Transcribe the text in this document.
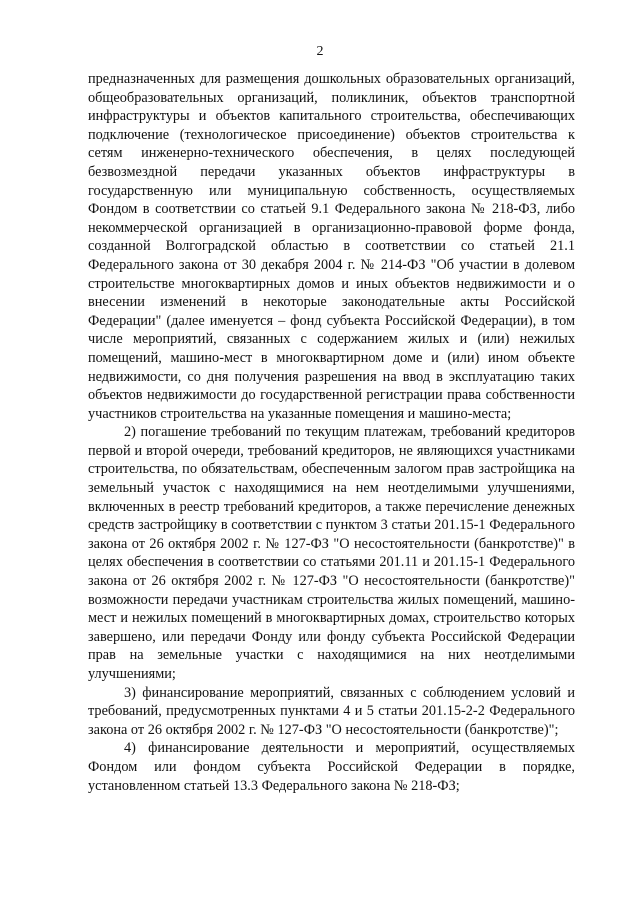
2

предназначенных для размещения дошкольных образовательных организаций, общеобразовательных организаций, поликлиник, объектов транспортной инфраструктуры и объектов капитального строительства, обеспечивающих подключение (технологическое присоединение) объектов строительства к сетям инженерно-технического обеспечения, в целях последующей безвозмездной передачи указанных объектов инфраструктуры в государственную или муниципальную собственность, осуществляемых Фондом в соответствии со статьей 9.1 Федерального закона № 218-ФЗ, либо некоммерческой организацией в организационно-правовой форме фонда, созданной Волгоградской областью в соответствии со статьей 21.1 Федерального закона от 30 декабря 2004 г. № 214-ФЗ "Об участии в долевом строительстве многоквартирных домов и иных объектов недвижимости и о внесении изменений в некоторые законодательные акты Российской Федерации" (далее именуется – фонд субъекта Российской Федерации), в том числе мероприятий, связанных с содержанием жилых и (или) нежилых помещений, машино-мест в многоквартирном доме и (или) ином объекте недвижимости, со дня получения разрешения на ввод в эксплуатацию таких объектов недвижимости до государственной регистрации права собственности участников строительства на указанные помещения и машино-места;

2) погашение требований по текущим платежам, требований кредиторов первой и второй очереди, требований кредиторов, не являющихся участниками строительства, по обязательствам, обеспеченным залогом прав застройщика на земельный участок с находящимися на нем неотделимыми улучшениями, включенных в реестр требований кредиторов, а также перечисление денежных средств застройщику в соответствии с пунктом 3 статьи 201.15-1 Федерального закона от 26 октября 2002 г. № 127-ФЗ "О несостоятельности (банкротстве)" в целях обеспечения в соответствии со статьями 201.11 и 201.15-1 Федерального закона от 26 октября 2002 г. № 127-ФЗ "О несостоятельности (банкротстве)" возможности передачи участникам строительства жилых помещений, машино-мест и нежилых помещений в многоквартирных домах, строительство которых завершено, или передачи Фонду или фонду субъекта Российской Федерации прав на земельные участки с находящимися на них неотделимыми улучшениями;

3) финансирование мероприятий, связанных с соблюдением условий и требований, предусмотренных пунктами 4 и 5 статьи 201.15-2-2 Федерального закона от 26 октября 2002 г. № 127-ФЗ "О несостоятельности (банкротстве)";

4) финансирование деятельности и мероприятий, осуществляемых Фондом или фондом субъекта Российской Федерации в порядке, установленном статьей 13.3 Федерального закона № 218-ФЗ;
